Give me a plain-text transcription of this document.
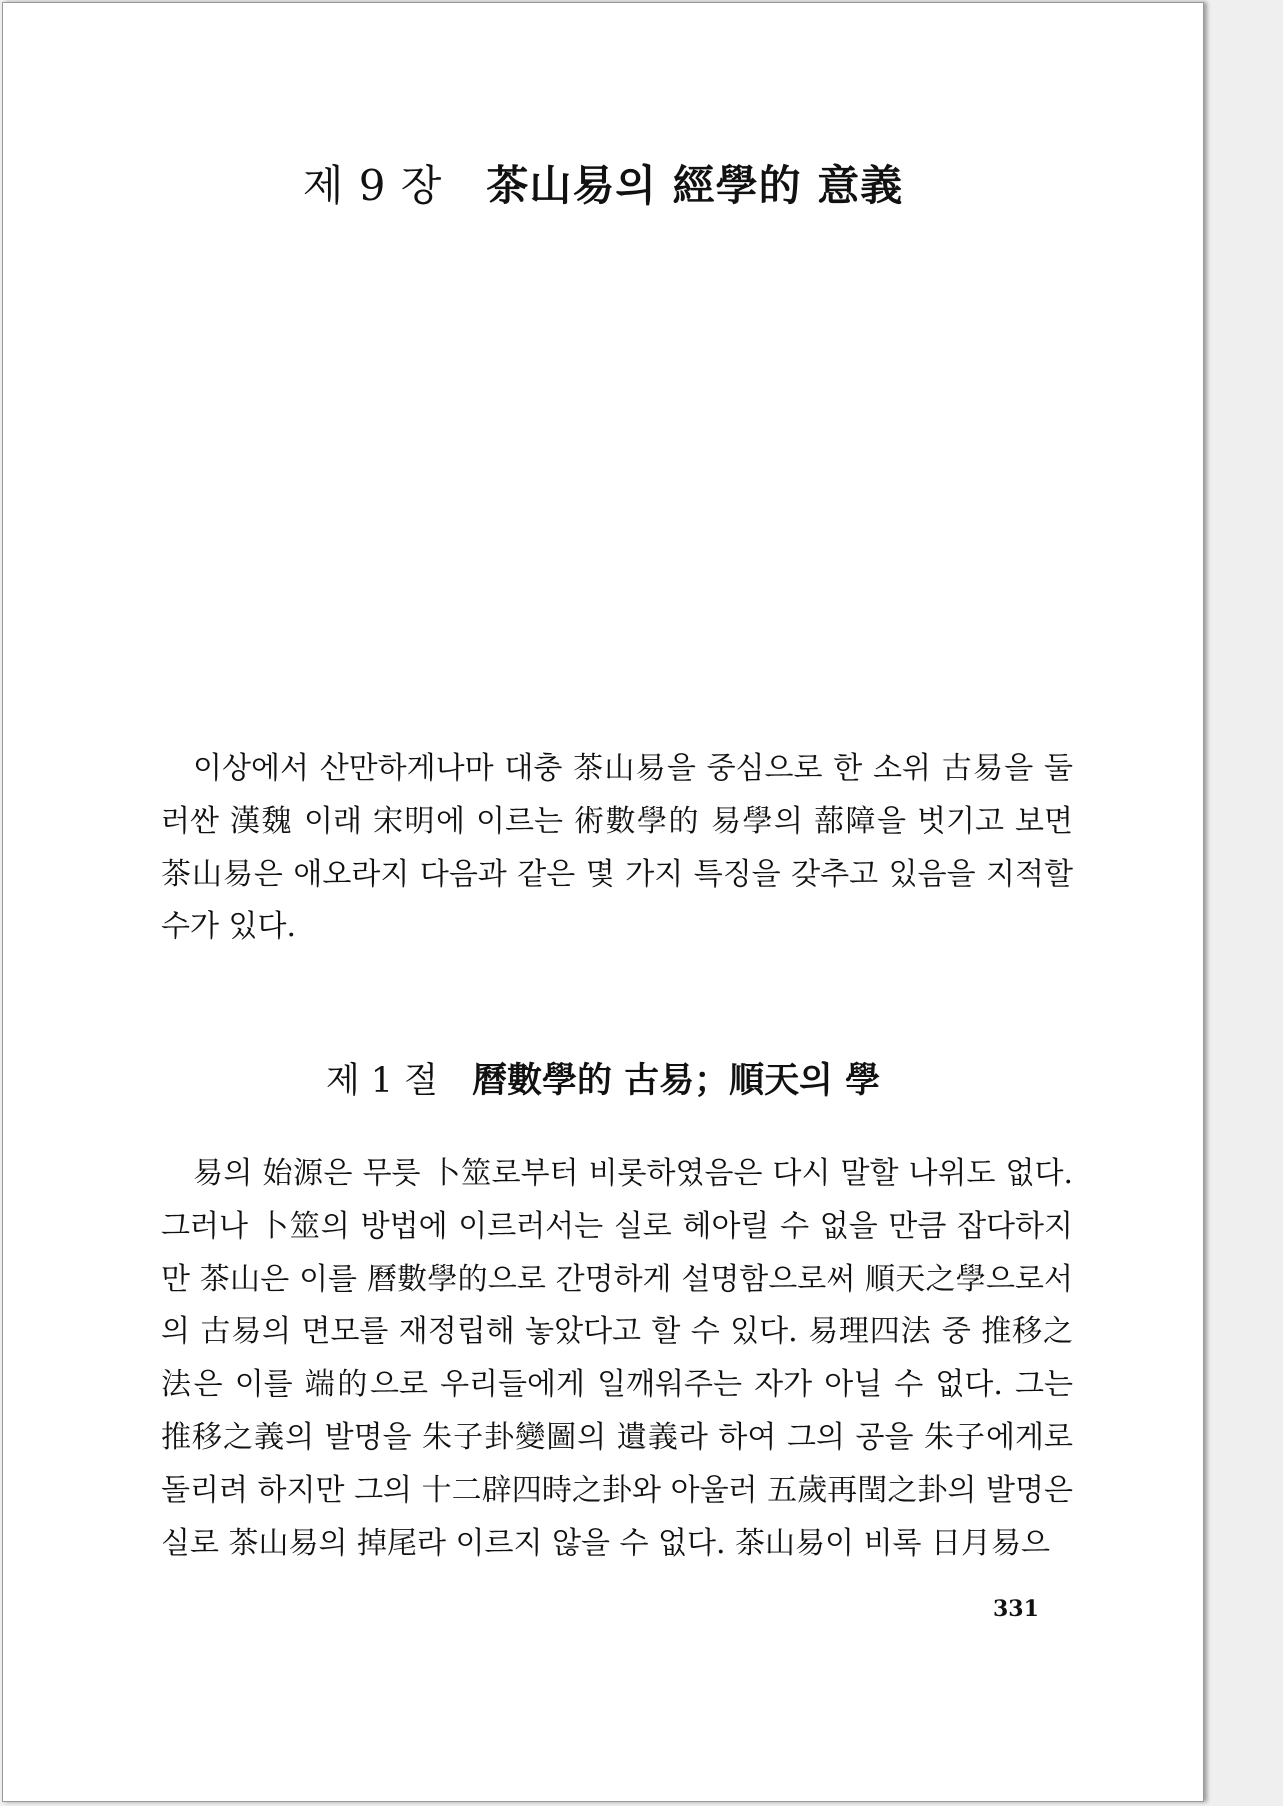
제 9 장 茶山易의 經學的 意義

이상에서 산만하게나마 대충 茶山易을 중심으로 한 소위 古易을 둘러싼 漢魏 이래 宋明에 이르는 術數學的 易學의 蔀障을 벗기고 보면 茶山易은 애오라지 다음과 같은 몇 가지 특징을 갖추고 있음을 지적할 수가 있다.

제 1 절 曆數學的 古易；順天의 學

易의 始源은 무릇 卜筮로부터 비롯하였음은 다시 말할 나위도 없다. 그러나 卜筮의 방법에 이르러서는 실로 헤아릴 수 없을 만큼 잡다하지만 茶山은 이를 曆數學的으로 간명하게 설명함으로써 順天之學으로서의 古易의 면모를 재정립해 놓았다고 할 수 있다. 易理四法 중 推移之法은 이를 端的으로 우리들에게 일깨워주는 자가 아닐 수 없다. 그는 推移之義의 발명을 朱子卦變圖의 遺義라 하여 그의 공을 朱子에게로 돌리려 하지만 그의 十二辟四時之卦와 아울러 五歲再閏之卦의 발명은 실로 茶山易의 掉尾라 이르지 않을 수 없다. 茶山易이 비록 日月易으

331
